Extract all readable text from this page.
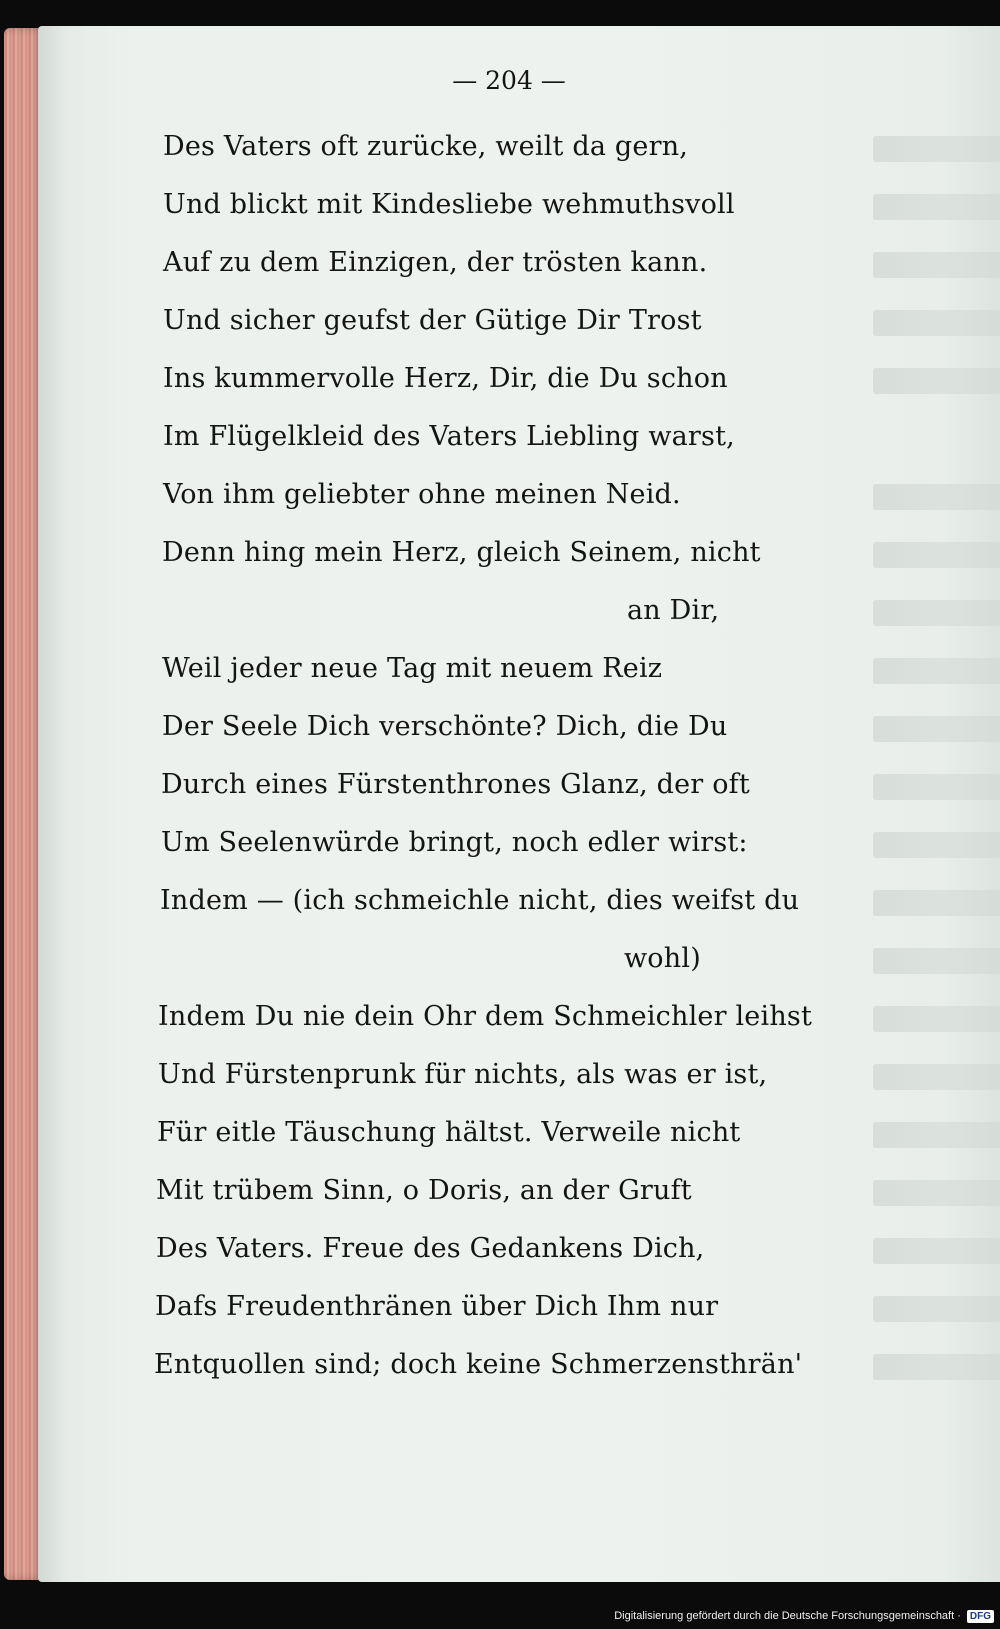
— 204 —
Des Vaters oft zurücke, weilt da gern,
Und blickt mit Kindesliebe wehmuthsvoll
Auf zu dem Einzigen, der trösten kann.
Und sicher geufst der Gütige Dir Trost
Ins kummervolle Herz, Dir, die Du schon
Im Flügelkleid des Vaters Liebling warst,
Von ihm geliebter ohne meinen Neid.
Denn hing mein Herz, gleich Seinem, nicht
an Dir,
Weil jeder neue Tag mit neuem Reiz
Der Seele Dich verschönte? Dich, die Du
Durch eines Fürstenthrones Glanz, der oft
Um Seelenwürde bringt, noch edler wirst:
Indem — (ich schmeichle nicht, dies weifst du
wohl)
Indem Du nie dein Ohr dem Schmeichler leihst
Und Fürstenprunk für nichts, als was er ist,
Für eitle Täuschung hältst. Verweile nicht
Mit trübem Sinn, o Doris, an der Gruft
Des Vaters. Freue des Gedankens Dich,
Dafs Freudenthränen über Dich Ihm nur
Entquollen sind; doch keine Schmerzensthrän'
Digitalisierung gefördert durch die Deutsche Forschungsgemeinschaft · DFG
